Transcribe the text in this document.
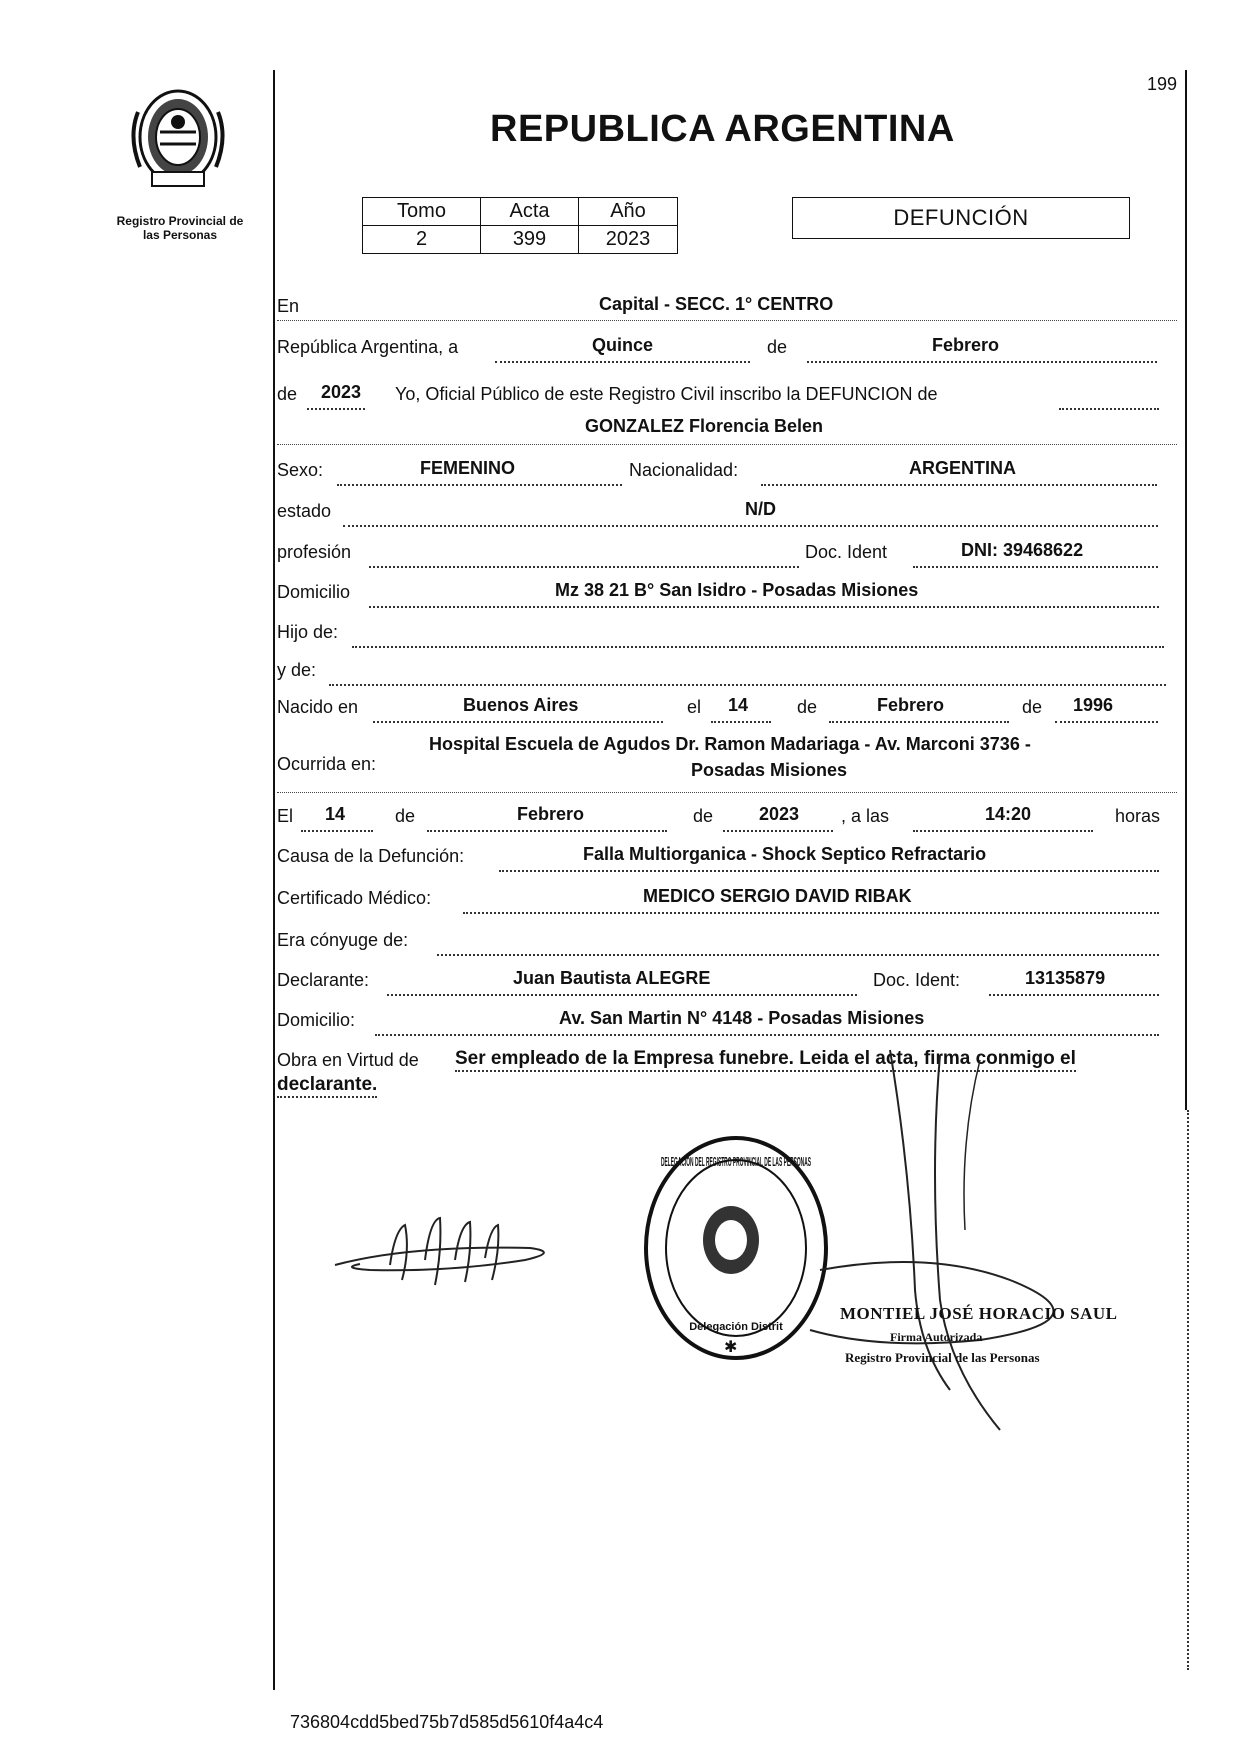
199
REPUBLICA ARGENTINA
Registro Provincial de
las Personas
Tomo	Acta	Año
2	399	2023
DEFUNCIÓN
En	Capital - SECC. 1° CENTRO
República Argentina, a	Quince	de	Febrero
de 2023 Yo, Oficial Público de este Registro Civil inscribo la DEFUNCION de
GONZALEZ Florencia Belen
Sexo:	FEMENINO	Nacionalidad:	ARGENTINA
estado	N/D
profesión	Doc. Ident	DNI: 39468622
Domicilio	Mz 38 21 B° San Isidro - Posadas Misiones
Hijo de:
y de:
Nacido en	Buenos Aires	el 14	de	Febrero	de 1996
Ocurrida en:
Hospital Escuela de Agudos Dr. Ramon Madariaga - Av. Marconi 3736 -
Posadas Misiones
El 14	de	Febrero	de	2023 , a las	14:20	horas
Causa de la Defunción:	Falla Multiorganica - Shock Septico Refractario
Certificado Médico:	MEDICO SERGIO DAVID RIBAK
Era cónyuge de:
Declarante:	Juan Bautista ALEGRE	Doc. Ident:	13135879
Domicilio:	Av. San Martin N° 4148 - Posadas Misiones
Obra en Virtud de Ser empleado de la Empresa funebre. Leida el acta, firma conmigo el
declarante.
DELEGACION DEL REGISTRO PROVINCIAL DE LAS PERSONAS
Delegación Distrit
✱
MONTIEL JOSÉ HORACIO SAUL
Firma Autorizada
Registro Provincial de las Personas
736804cdd5bed75b7d585d5610f4a4c4
